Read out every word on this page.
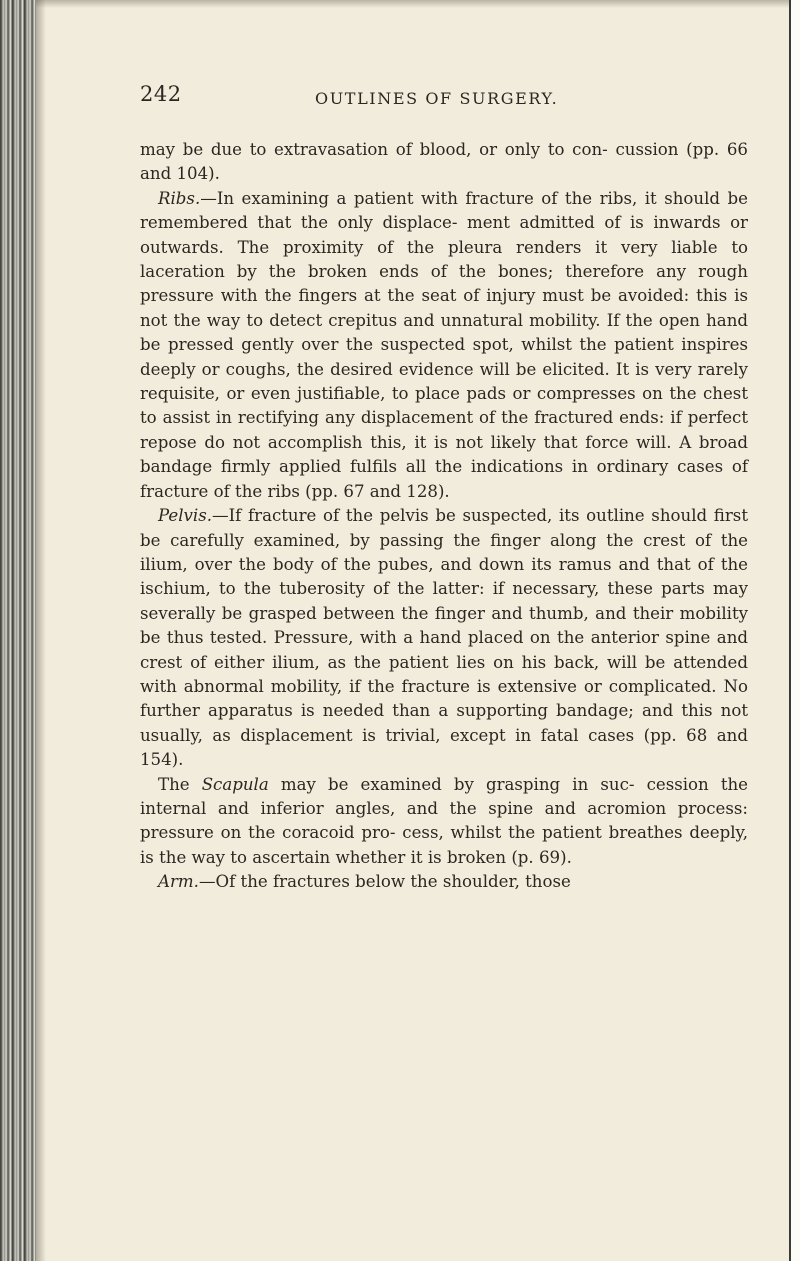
242	OUTLINES OF SURGERY.

may be due to extravasation of blood, or only to con- cussion (pp. 66 and 104).
Ribs.—In examining a patient with fracture of the ribs, it should be remembered that the only displace- ment admitted of is inwards or outwards. The proximity of the pleura renders it very liable to laceration by the broken ends of the bones; therefore any rough pressure with the fingers at the seat of injury must be avoided: this is not the way to detect crepitus and unnatural mobility. If the open hand be pressed gently over the suspected spot, whilst the patient inspires deeply or coughs, the desired evidence will be elicited. It is very rarely requisite, or even justifiable, to place pads or compresses on the chest to assist in rectifying any displacement of the fractured ends: if perfect repose do not accomplish this, it is not likely that force will. A broad bandage firmly applied fulfils all the indications in ordinary cases of fracture of the ribs (pp. 67 and 128).
Pelvis.—If fracture of the pelvis be suspected, its outline should first be carefully examined, by passing the finger along the crest of the ilium, over the body of the pubes, and down its ramus and that of the ischium, to the tuberosity of the latter: if necessary, these parts may severally be grasped between the finger and thumb, and their mobility be thus tested. Pressure, with a hand placed on the anterior spine and crest of either ilium, as the patient lies on his back, will be attended with abnormal mobility, if the fracture is extensive or complicated. No further apparatus is needed than a supporting bandage; and this not usually, as displacement is trivial, except in fatal cases (pp. 68 and 154).
The Scapula may be examined by grasping in suc- cession the internal and inferior angles, and the spine and acromion process: pressure on the coracoid pro- cess, whilst the patient breathes deeply, is the way to ascertain whether it is broken (p. 69).
Arm.—Of the fractures below the shoulder, those
